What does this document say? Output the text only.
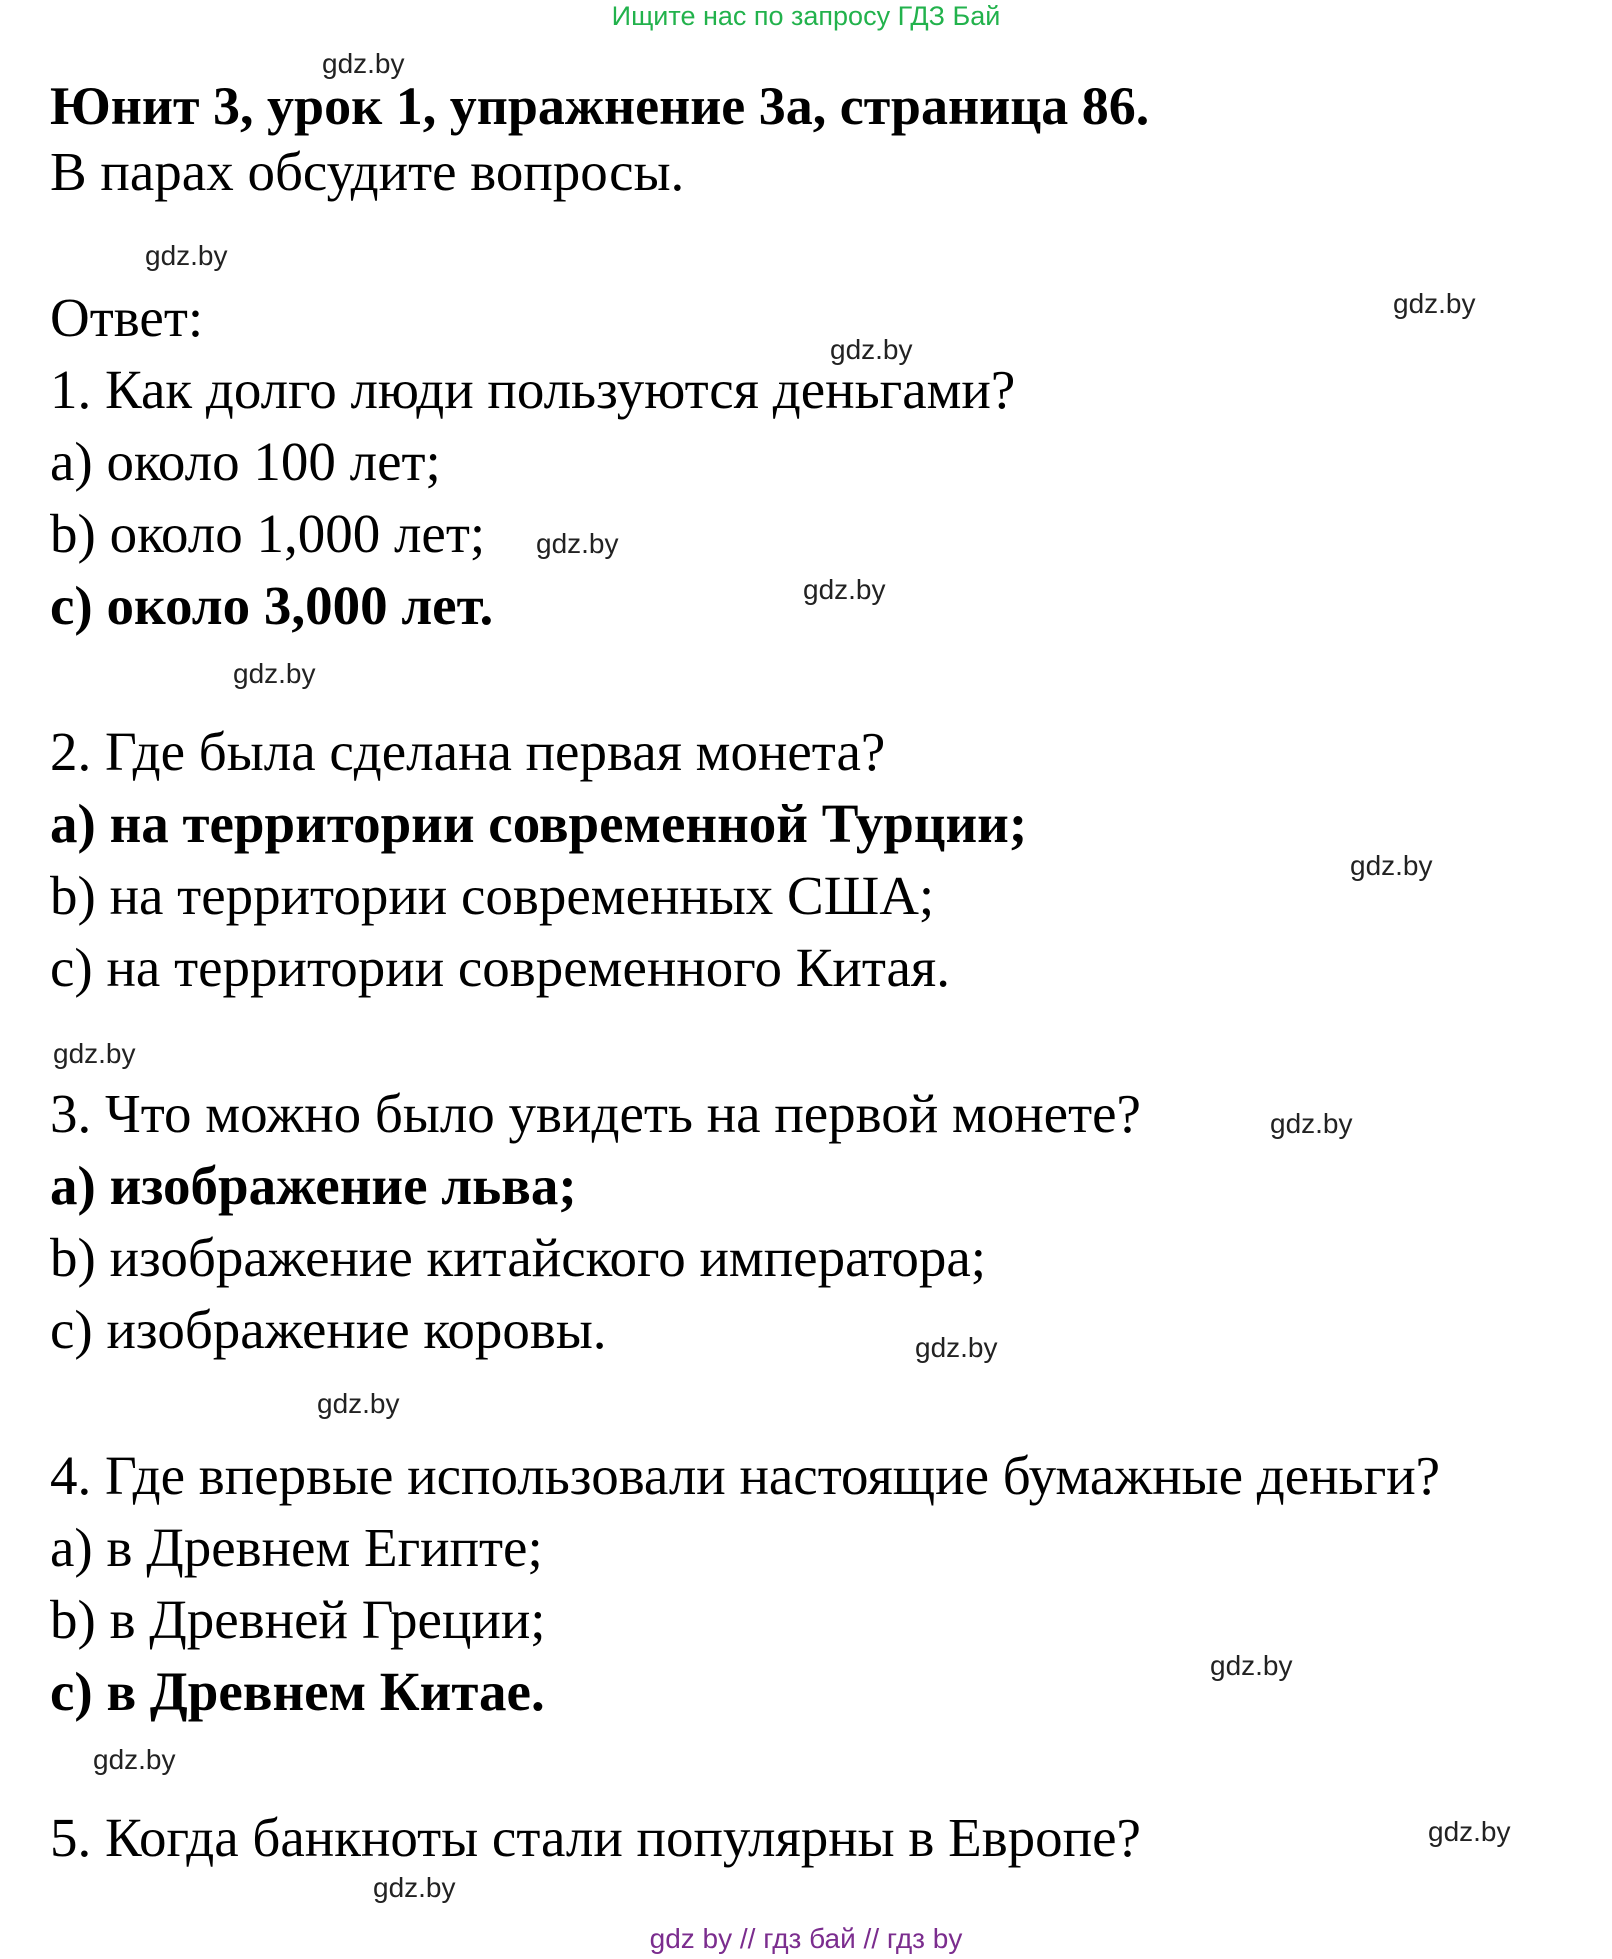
Ищите нас по запросу ГДЗ Бай
Юнит 3, урок 1, упражнение 3a, страница 86.
В парах обсудите вопросы.
Ответ:
1. Как долго люди пользуются деньгами?
a) около 100 лет;
b) около 1,000 лет;
c) около 3,000 лет.
2. Где была сделана первая монета?
a) на территории современной Турции;
b) на территории современных США;
c) на территории современного Китая.
3. Что можно было увидеть на первой монете?
a) изображение льва;
b) изображение китайского императора;
c) изображение коровы.
4. Где впервые использовали настоящие бумажные деньги?
a) в Древнем Египте;
b) в Древней Греции;
c) в Древнем Китае.
5. Когда банкноты стали популярны в Европе?
gdz.by
gdz.by
gdz.by
gdz.by
gdz.by
gdz.by
gdz.by
gdz.by
gdz.by
gdz.by
gdz.by
gdz.by
gdz.by
gdz.by
gdz.by
gdz.by
gdz by // гдз бай // гдз by
